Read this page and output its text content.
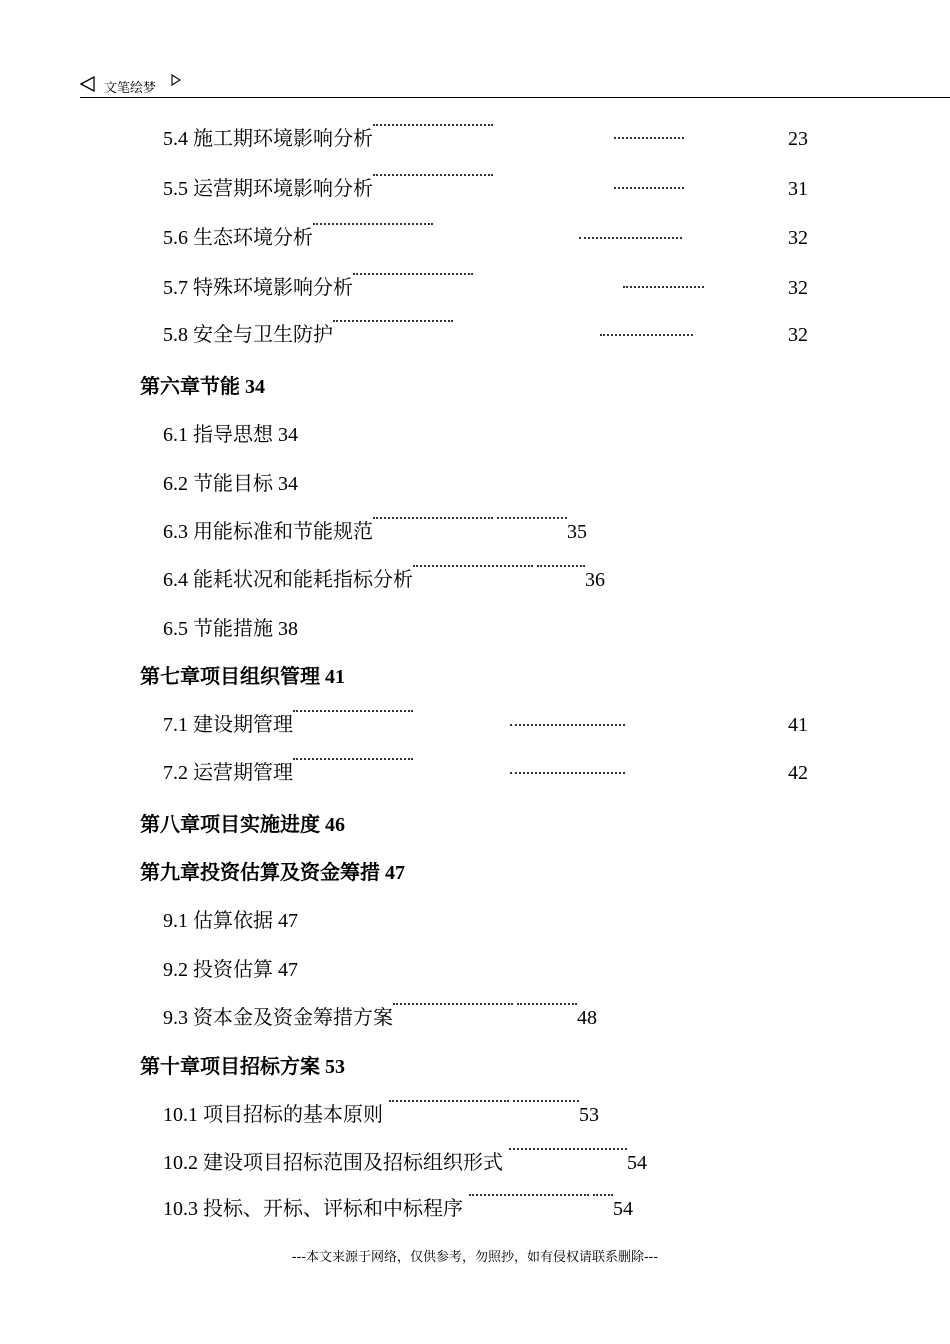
文笔绘梦
5.4 施工期环境影响分析	23
5.5 运营期环境影响分析	31
5.6 生态环境分析	32
5.7 特殊环境影响分析	32
5.8 安全与卫生防护	32
第六章节能 34
6.1 指导思想 34
6.2 节能目标 34
6.3 用能标准和节能规范	35
6.4 能耗状况和能耗指标分析	36
6.5 节能措施 38
第七章项目组织管理 41
7.1 建设期管理	41
7.2 运营期管理	42
第八章项目实施进度 46
第九章投资估算及资金筹措 47
9.1 估算依据 47
9.2 投资估算 47
9.3 资本金及资金筹措方案	48
第十章项目招标方案 53
10.1 项目招标的基本原则	53
10.2 建设项目招标范围及招标组织形式	54
10.3 投标、开标、评标和中标程序	54
---本文来源于网络，仅供参考，勿照抄，如有侵权请联系删除---
